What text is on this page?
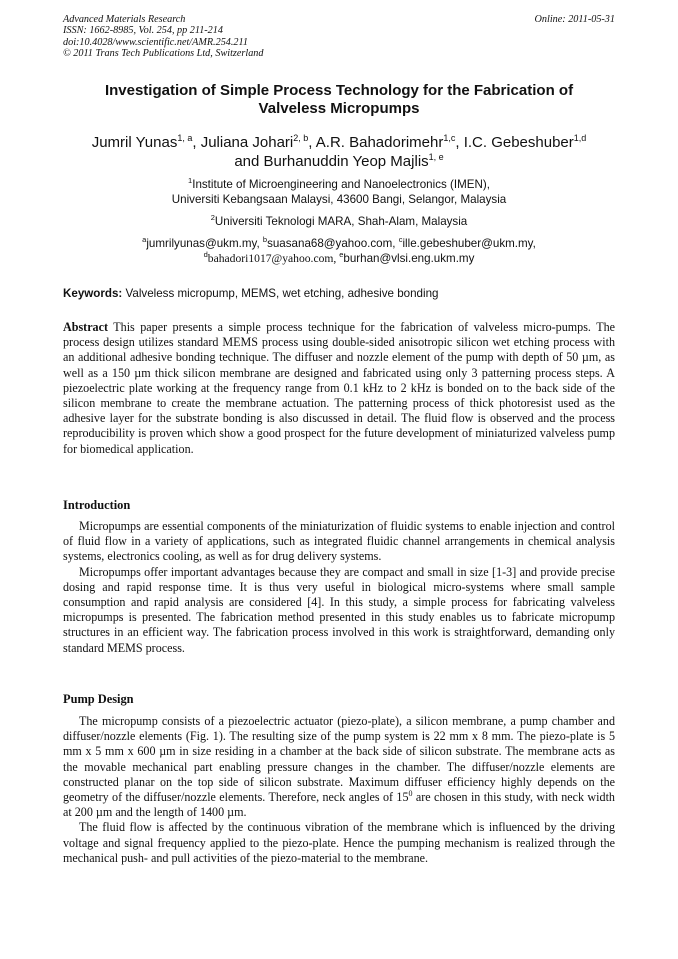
Advanced Materials Research
ISSN: 1662-8985, Vol. 254, pp 211-214
doi:10.4028/www.scientific.net/AMR.254.211
© 2011 Trans Tech Publications Ltd, Switzerland
Online: 2011-05-31
Investigation of Simple Process Technology for the Fabrication of
Valveless Micropumps
Jumril Yunas$^{1, a}$, Juliana Johari$^{2, b}$, A.R. Bahadorimehr$^{1,c}$, I.C. Gebeshuber$^{1,d}$
and Burhanuddin Yeop Majlis$^{1, e}$
$^1$Institute of Microengineering and Nanoelectronics (IMEN),
Universiti Kebangsaan Malaysi, 43600 Bangi, Selangor, Malaysia
$^2$Universiti Teknologi MARA, Shah-Alam, Malaysia
$^a$jumrilyunas@ukm.my, $^b$suasana68@yahoo.com, $^c$ille.gebeshuber@ukm.my,
$^d$bahadori1017@yahoo.com, $^e$burhan@vlsi.eng.ukm.my
Keywords: Valveless micropump, MEMS, wet etching, adhesive bonding
Abstract This paper presents a simple process technique for the fabrication of valveless micro-pumps. The process design utilizes standard MEMS process using double-sided anisotropic silicon wet etching process with an additional adhesive bonding technique. The diffuser and nozzle element of the pump with depth of 50 µm, as well as a 150 µm thick silicon membrane are designed and fabricated using only 3 patterning process steps. A piezoelectric plate working at the frequency range from 0.1 kHz to 2 kHz is bonded on to the back side of the silicon membrane to create the membrane actuation. The patterning process of thick photoresist used as the adhesive layer for the substrate bonding is also discussed in detail. The fluid flow is observed and the process reproducibility is proven which show a good prospect for the future development of miniaturized valveless pump for biomedical application.
Introduction

Micropumps are essential components of the miniaturization of fluidic systems to enable injection and control of fluid flow in a variety of applications, such as integrated fluidic channel arrangements in chemical analysis systems, electronics cooling, as well as for drug delivery systems.

Micropumps offer important advantages because they are compact and small in size [1-3] and provide precise dosing and rapid response time. It is thus very useful in biological micro-systems where small sample consumption and rapid analysis are considered [4]. In this study, a simple process for fabricating valveless micropumps is presented. The fabrication method presented in this study enables us to fabricate micropump structures in an efficient way. The fabrication process involved in this work is straightforward, demanding only standard MEMS process.

Pump Design

The micropump consists of a piezoelectric actuator (piezo-plate), a silicon membrane, a pump chamber and diffuser/nozzle elements (Fig. 1). The resulting size of the pump system is 22 mm x 8 mm. The piezo-plate is 5 mm x 5 mm x 600 µm in size residing in a chamber at the back side of silicon substrate. The membrane acts as the movable mechanical part enabling pressure changes in the chamber. The diffuser/nozzle elements are constructed planar on the top side of silicon substrate. Maximum diffuser efficiency highly depends on the geometry of the diffuser/nozzle elements. Therefore, neck angles of $15^0$ are chosen in this study, with neck width at 200 µm and the length of 1400 µm.

The fluid flow is affected by the continuous vibration of the membrane which is influenced by the driving voltage and signal frequency applied to the piezo-plate. Hence the pumping mechanism is realized through the mechanical push- and pull activities of the piezo-material to the membrane.
